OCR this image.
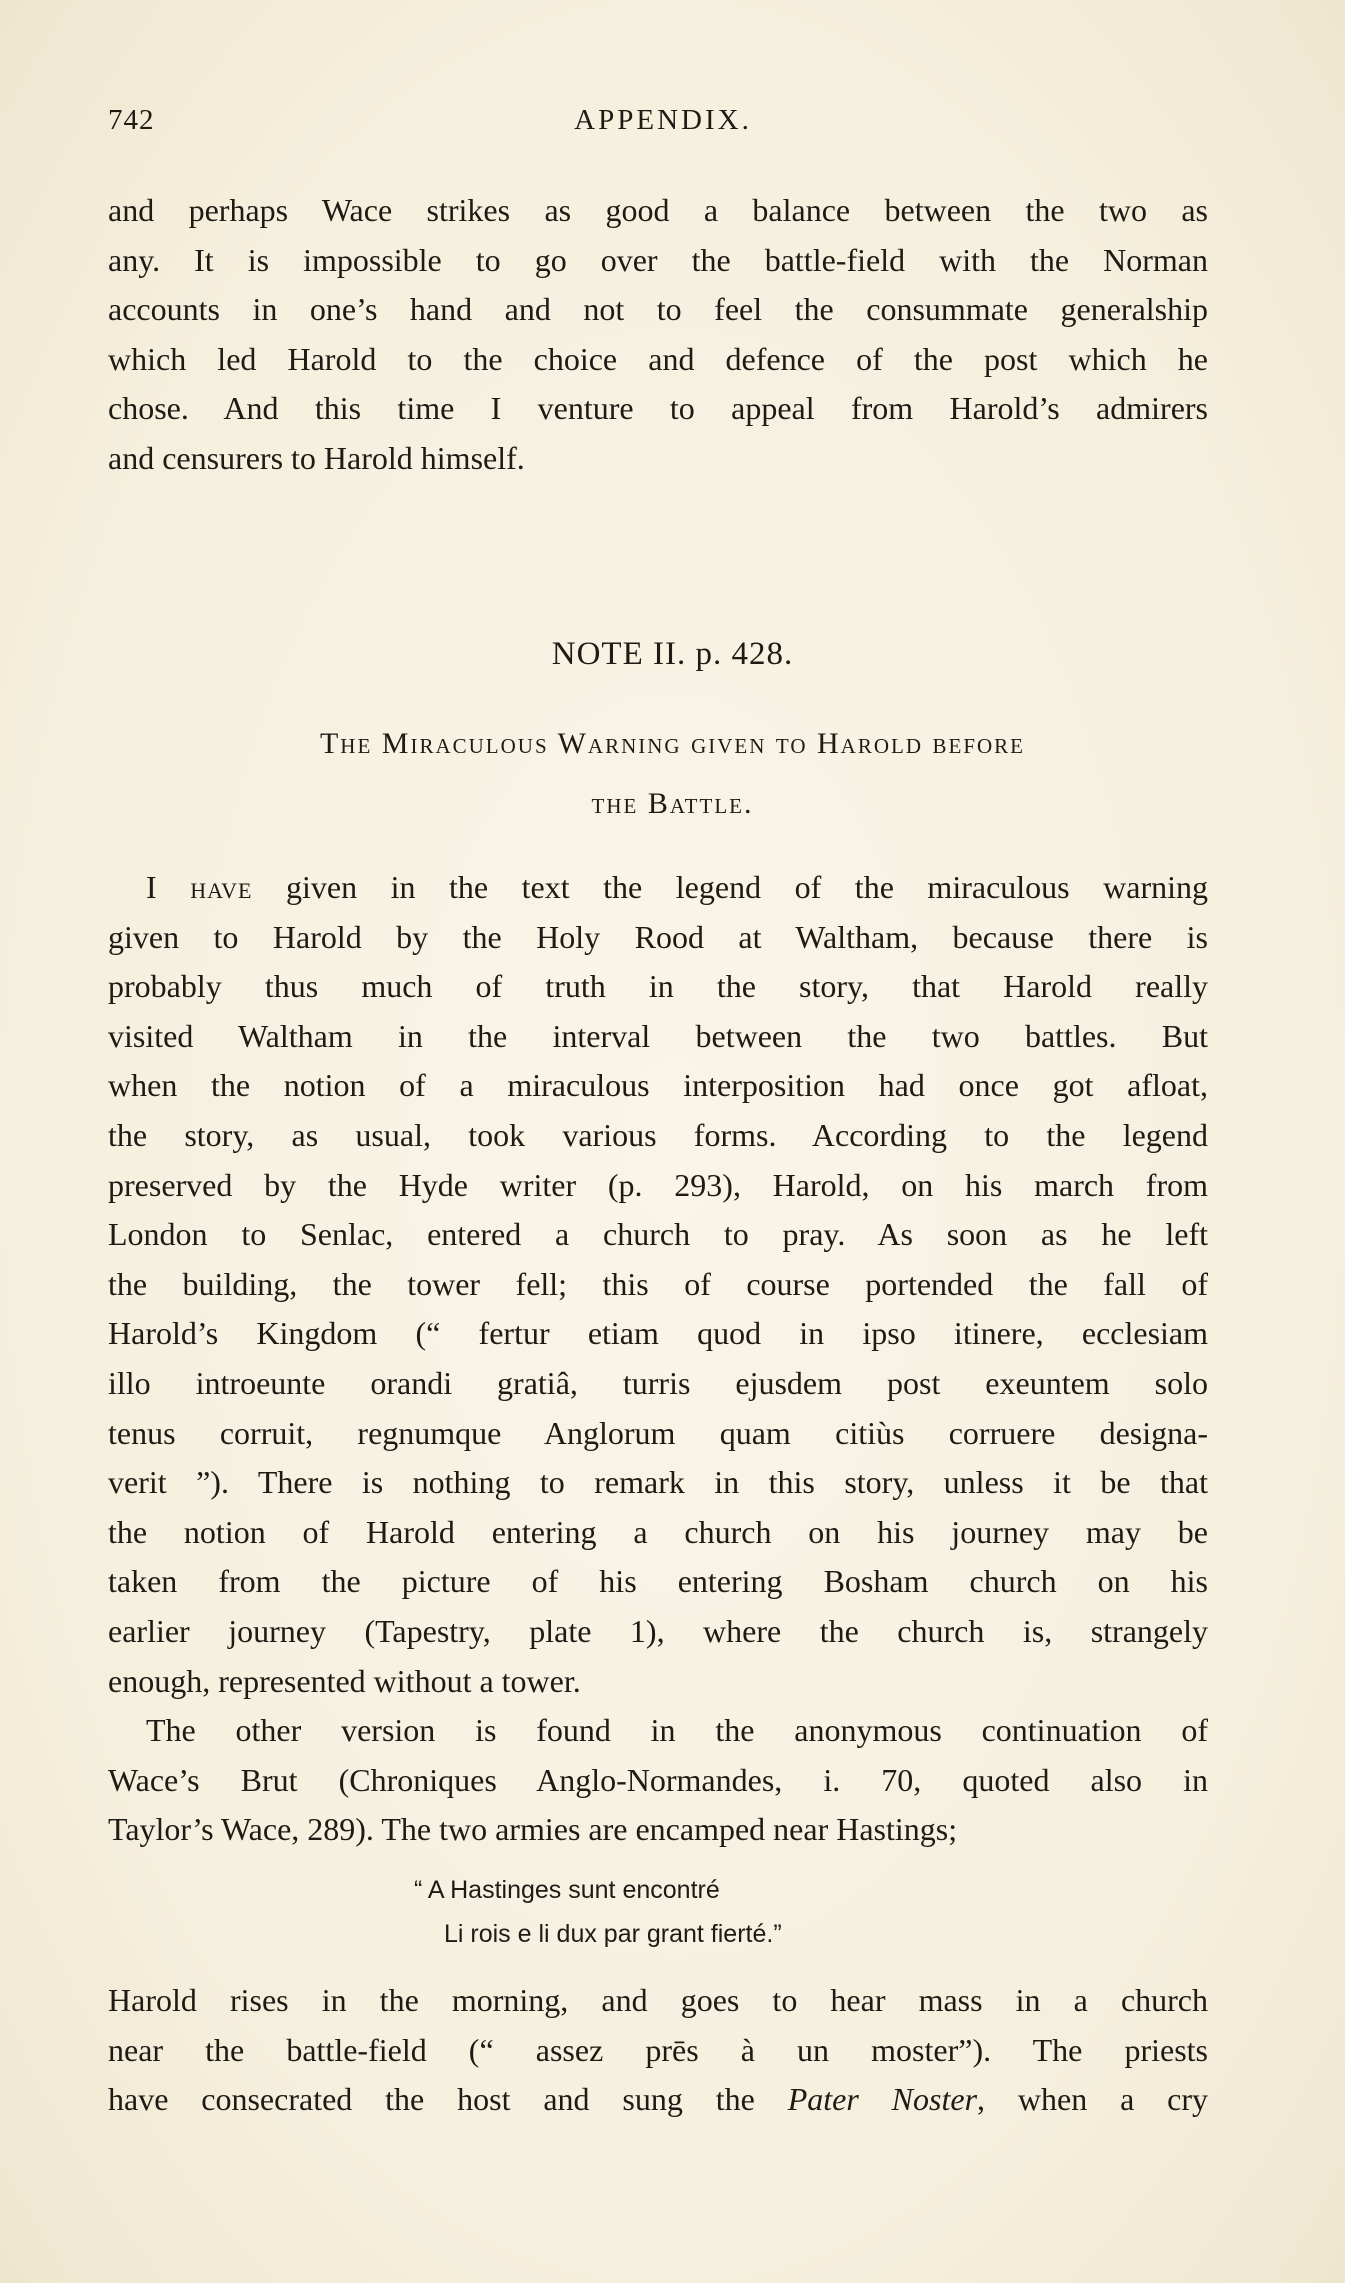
742	APPENDIX.
and perhaps Wace strikes as good a balance between the two as
any. It is impossible to go over the battle-field with the Norman
accounts in one’s hand and not to feel the consummate generalship
which led Harold to the choice and defence of the post which he
chose. And this time I venture to appeal from Harold’s admirers
and censurers to Harold himself.
NOTE II. p. 428.
The Miraculous Warning given to Harold before
the Battle.
I have given in the text the legend of the miraculous warning
given to Harold by the Holy Rood at Waltham, because there is
probably thus much of truth in the story, that Harold really
visited Waltham in the interval between the two battles. But
when the notion of a miraculous interposition had once got afloat,
the story, as usual, took various forms. According to the legend
preserved by the Hyde writer (p. 293), Harold, on his march from
London to Senlac, entered a church to pray. As soon as he left
the building, the tower fell; this of course portended the fall of
Harold’s Kingdom (“ fertur etiam quod in ipso itinere, ecclesiam
illo introeunte orandi gratiâ, turris ejusdem post exeuntem solo
tenus corruit, regnumque Anglorum quam citiùs corruere designa-
verit ”). There is nothing to remark in this story, unless it be that
the notion of Harold entering a church on his journey may be
taken from the picture of his entering Bosham church on his
earlier journey (Tapestry, plate 1), where the church is, strangely
enough, represented without a tower.
The other version is found in the anonymous continuation of
Wace’s Brut (Chroniques Anglo-Normandes, i. 70, quoted also in
Taylor’s Wace, 289). The two armies are encamped near Hastings;
“ A Hastinges sunt encontré
Li rois e li dux par grant fierté.”
Harold rises in the morning, and goes to hear mass in a church
near the battle-field (“ assez prēs à un moster”). The priests
have consecrated the host and sung the Pater Noster, when a cry
